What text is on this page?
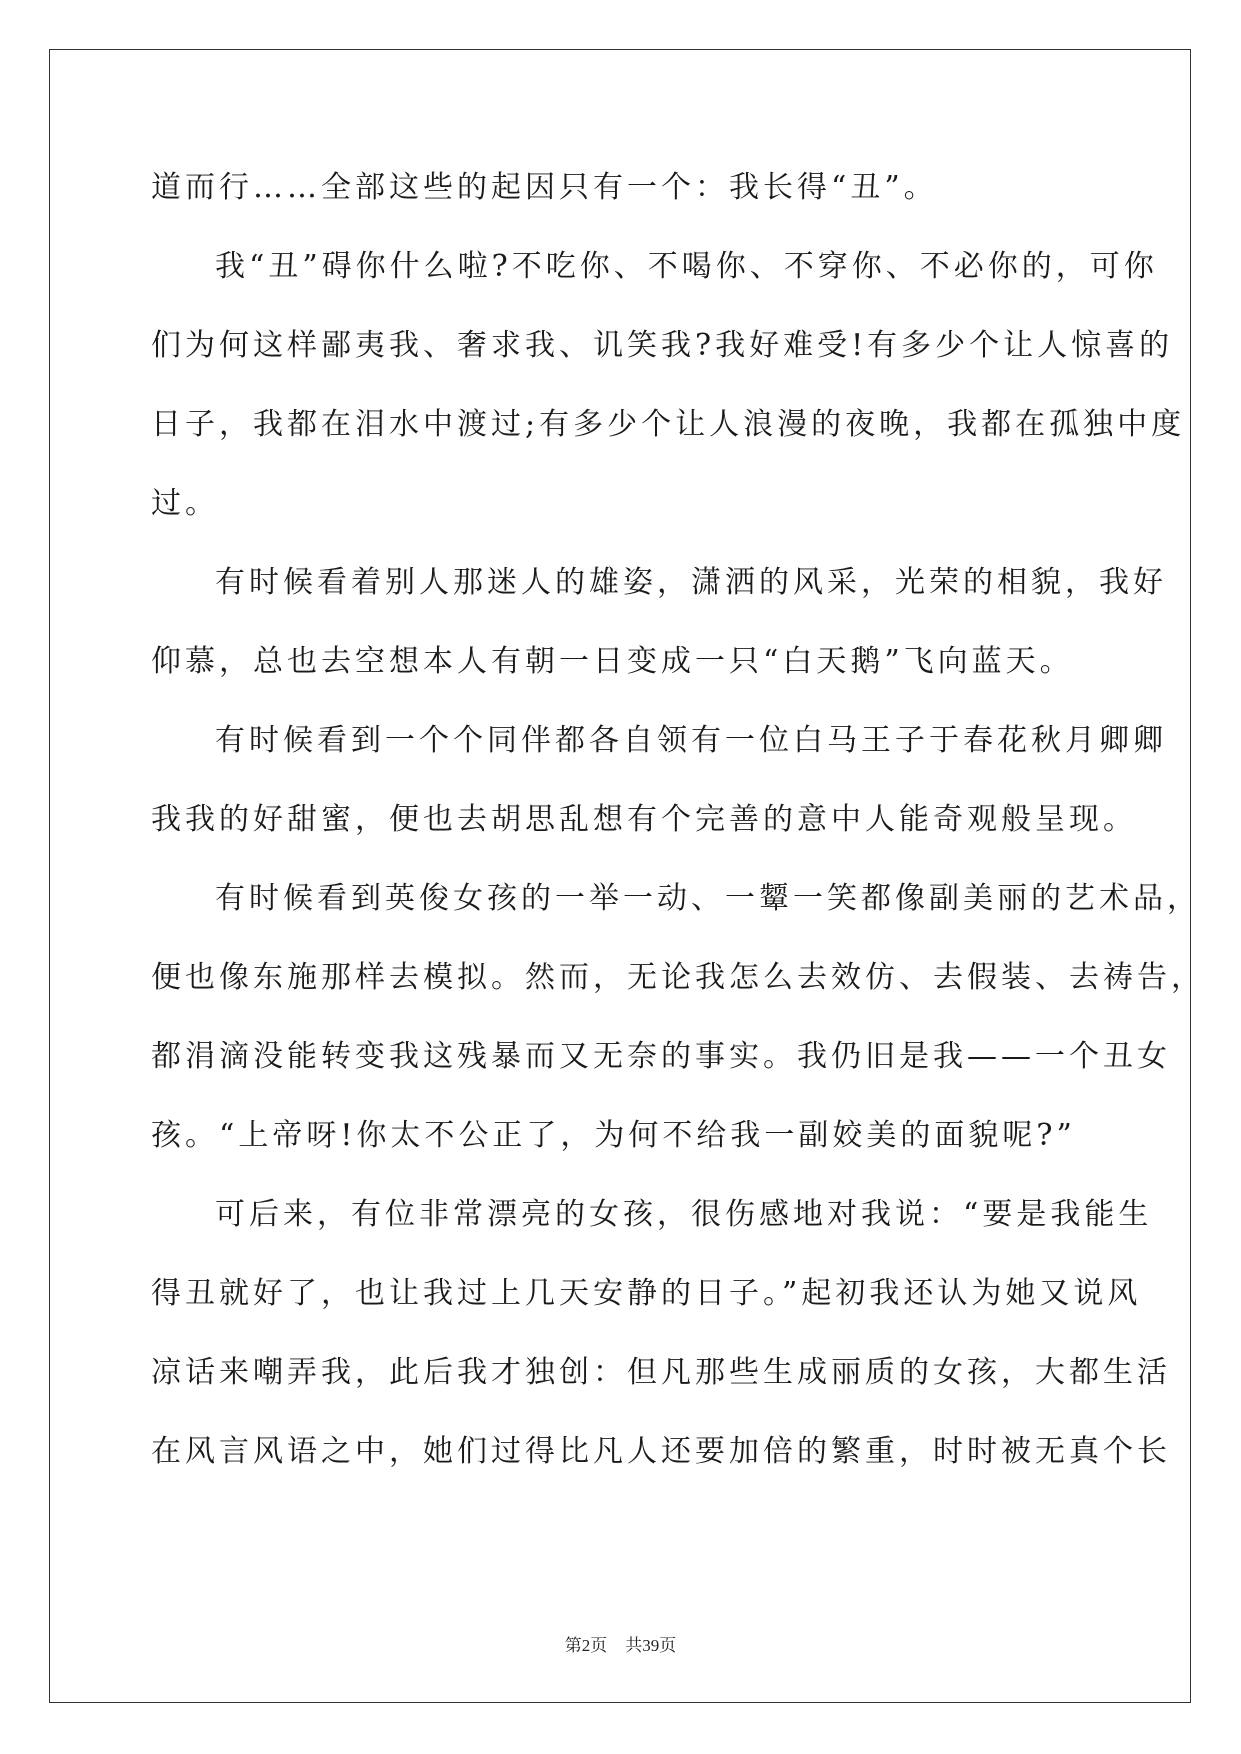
道而行……全部这些的起因只有一个：我长得“丑”。
我“丑”碍你什么啦?不吃你、不喝你、不穿你、不必你的，可你
们为何这样鄙夷我、奢求我、讥笑我?我好难受!有多少个让人惊喜的
日子，我都在泪水中渡过;有多少个让人浪漫的夜晚，我都在孤独中度
过。
有时候看着别人那迷人的雄姿，潇洒的风采，光荣的相貌，我好
仰慕，总也去空想本人有朝一日变成一只“白天鹅”飞向蓝天。
有时候看到一个个同伴都各自领有一位白马王子于春花秋月卿卿
我我的好甜蜜，便也去胡思乱想有个完善的意中人能奇观般呈现。
有时候看到英俊女孩的一举一动、一颦一笑都像副美丽的艺术品，
便也像东施那样去模拟。然而，无论我怎么去效仿、去假装、去祷告，
都涓滴没能转变我这残暴而又无奈的事实。我仍旧是我——一个丑女
孩。“上帝呀!你太不公正了，为何不给我一副姣美的面貌呢?”
可后来，有位非常漂亮的女孩，很伤感地对我说：“要是我能生
得丑就好了，也让我过上几天安静的日子。”起初我还认为她又说风
凉话来嘲弄我，此后我才独创：但凡那些生成丽质的女孩，大都生活
在风言风语之中，她们过得比凡人还要加倍的繁重，时时被无真个长
第2页 共39页
